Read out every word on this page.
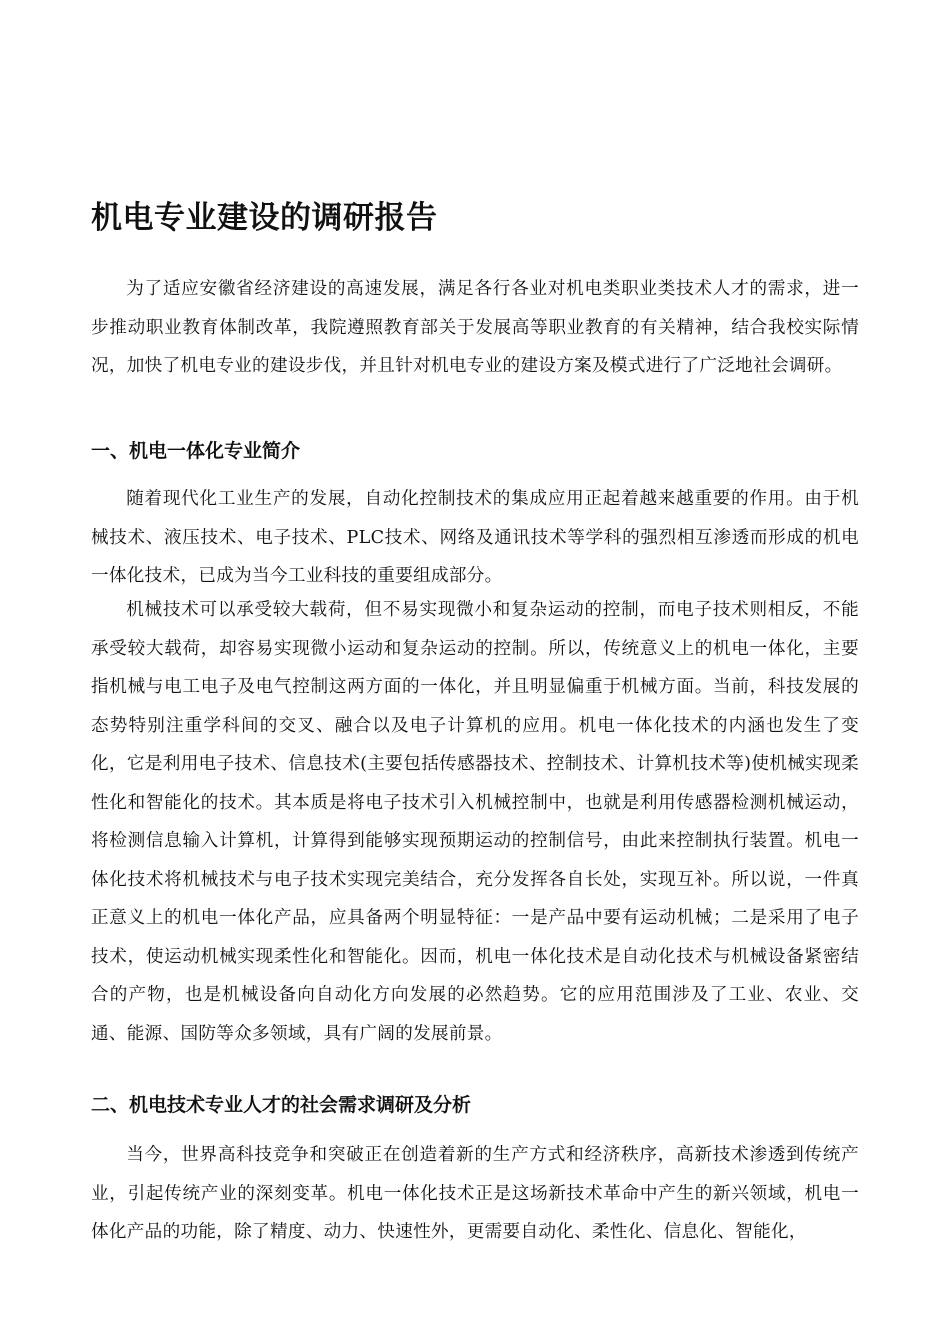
机电专业建设的调研报告

为了适应安徽省经济建设的高速发展，满足各行各业对机电类职业类技术人才的需求，进一步推动职业教育体制改革，我院遵照教育部关于发展高等职业教育的有关精神，结合我校实际情况，加快了机电专业的建设步伐，并且针对机电专业的建设方案及模式进行了广泛地社会调研。

一、机电一体化专业简介

随着现代化工业生产的发展，自动化控制技术的集成应用正起着越来越重要的作用。由于机械技术、液压技术、电子技术、PLC技术、网络及通讯技术等学科的强烈相互渗透而形成的机电一体化技术，已成为当今工业科技的重要组成部分。

机械技术可以承受较大载荷，但不易实现微小和复杂运动的控制，而电子技术则相反，不能承受较大载荷，却容易实现微小运动和复杂运动的控制。所以，传统意义上的机电一体化，主要指机械与电工电子及电气控制这两方面的一体化，并且明显偏重于机械方面。当前，科技发展的态势特别注重学科间的交叉、融合以及电子计算机的应用。机电一体化技术的内涵也发生了变化，它是利用电子技术、信息技术(主要包括传感器技术、控制技术、计算机技术等)使机械实现柔性化和智能化的技术。其本质是将电子技术引入机械控制中，也就是利用传感器检测机械运动，将检测信息输入计算机，计算得到能够实现预期运动的控制信号，由此来控制执行装置。机电一体化技术将机械技术与电子技术实现完美结合，充分发挥各自长处，实现互补。所以说，一件真正意义上的机电一体化产品，应具备两个明显特征：一是产品中要有运动机械；二是采用了电子技术，使运动机械实现柔性化和智能化。因而，机电一体化技术是自动化技术与机械设备紧密结合的产物，也是机械设备向自动化方向发展的必然趋势。它的应用范围涉及了工业、农业、交通、能源、国防等众多领域，具有广阔的发展前景。

二、机电技术专业人才的社会需求调研及分析

当今，世界高科技竞争和突破正在创造着新的生产方式和经济秩序，高新技术渗透到传统产业，引起传统产业的深刻变革。机电一体化技术正是这场新技术革命中产生的新兴领域，机电一体化产品的功能，除了精度、动力、快速性外，更需要自动化、柔性化、信息化、智能化，
